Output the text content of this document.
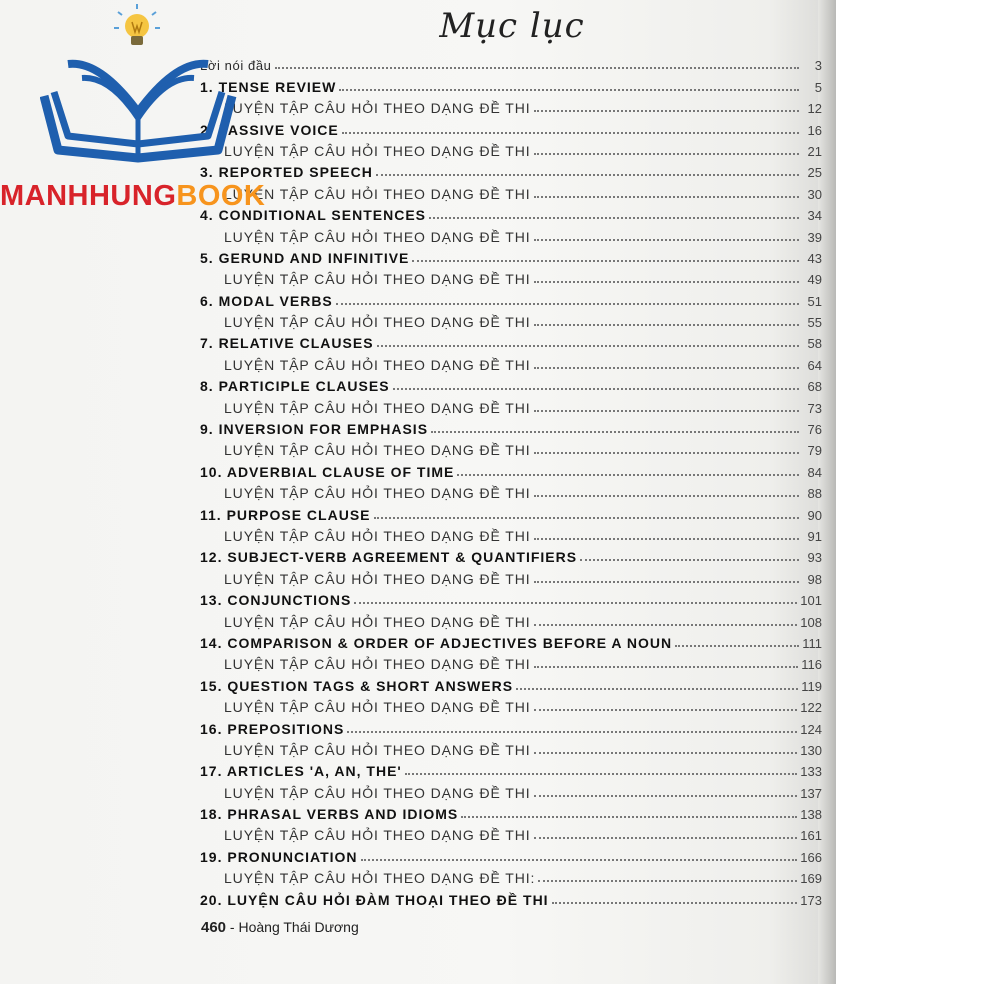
Mục lục
Lời nói đầu	3
1. TENSE REVIEW	5
LUYỆN TẬP CÂU HỎI THEO DẠNG ĐỀ THI	12
2. PASSIVE VOICE	16
LUYỆN TẬP CÂU HỎI THEO DẠNG ĐỀ THI	21
3. REPORTED SPEECH	25
LUYỆN TẬP CÂU HỎI THEO DẠNG ĐỀ THI	30
4. CONDITIONAL SENTENCES	34
LUYỆN TẬP CÂU HỎI THEO DẠNG ĐỀ THI	39
5. GERUND AND INFINITIVE	43
LUYỆN TẬP CÂU HỎI THEO DẠNG ĐỀ THI	49
6. MODAL VERBS	51
LUYỆN TẬP CÂU HỎI THEO DẠNG ĐỀ THI	55
7. RELATIVE CLAUSES	58
LUYỆN TẬP CÂU HỎI THEO DẠNG ĐỀ THI	64
8. PARTICIPLE CLAUSES	68
LUYỆN TẬP CÂU HỎI THEO DẠNG ĐỀ THI	73
9. INVERSION FOR EMPHASIS	76
LUYỆN TẬP CÂU HỎI THEO DẠNG ĐỀ THI	79
10. ADVERBIAL CLAUSE OF TIME	84
LUYỆN TẬP CÂU HỎI THEO DẠNG ĐỀ THI	88
11. PURPOSE CLAUSE	90
LUYỆN TẬP CÂU HỎI THEO DẠNG ĐỀ THI	91
12. SUBJECT-VERB AGREEMENT & QUANTIFIERS	93
LUYỆN TẬP CÂU HỎI THEO DẠNG ĐỀ THI	98
13. CONJUNCTIONS	101
LUYỆN TẬP CÂU HỎI THEO DẠNG ĐỀ THI	108
14. COMPARISON & ORDER OF ADJECTIVES BEFORE A NOUN	111
LUYỆN TẬP CÂU HỎI THEO DẠNG ĐỀ THI	116
15. QUESTION TAGS & SHORT ANSWERS	119
LUYỆN TẬP CÂU HỎI THEO DẠNG ĐỀ THI	122
16. PREPOSITIONS	124
LUYỆN TẬP CÂU HỎI THEO DẠNG ĐỀ THI	130
17. ARTICLES 'A, AN, THE'	133
LUYỆN TẬP CÂU HỎI THEO DẠNG ĐỀ THI	137
18. PHRASAL VERBS AND IDIOMS	138
LUYỆN TẬP CÂU HỎI THEO DẠNG ĐỀ THI	161
19. PRONUNCIATION	166
LUYỆN TẬP CÂU HỎI THEO DẠNG ĐỀ THI:	169
20. LUYỆN CÂU HỎI ĐÀM THOẠI THEO ĐỀ THI	173
460 - Hoàng Thái Dương
MANHHUNGBOOK
